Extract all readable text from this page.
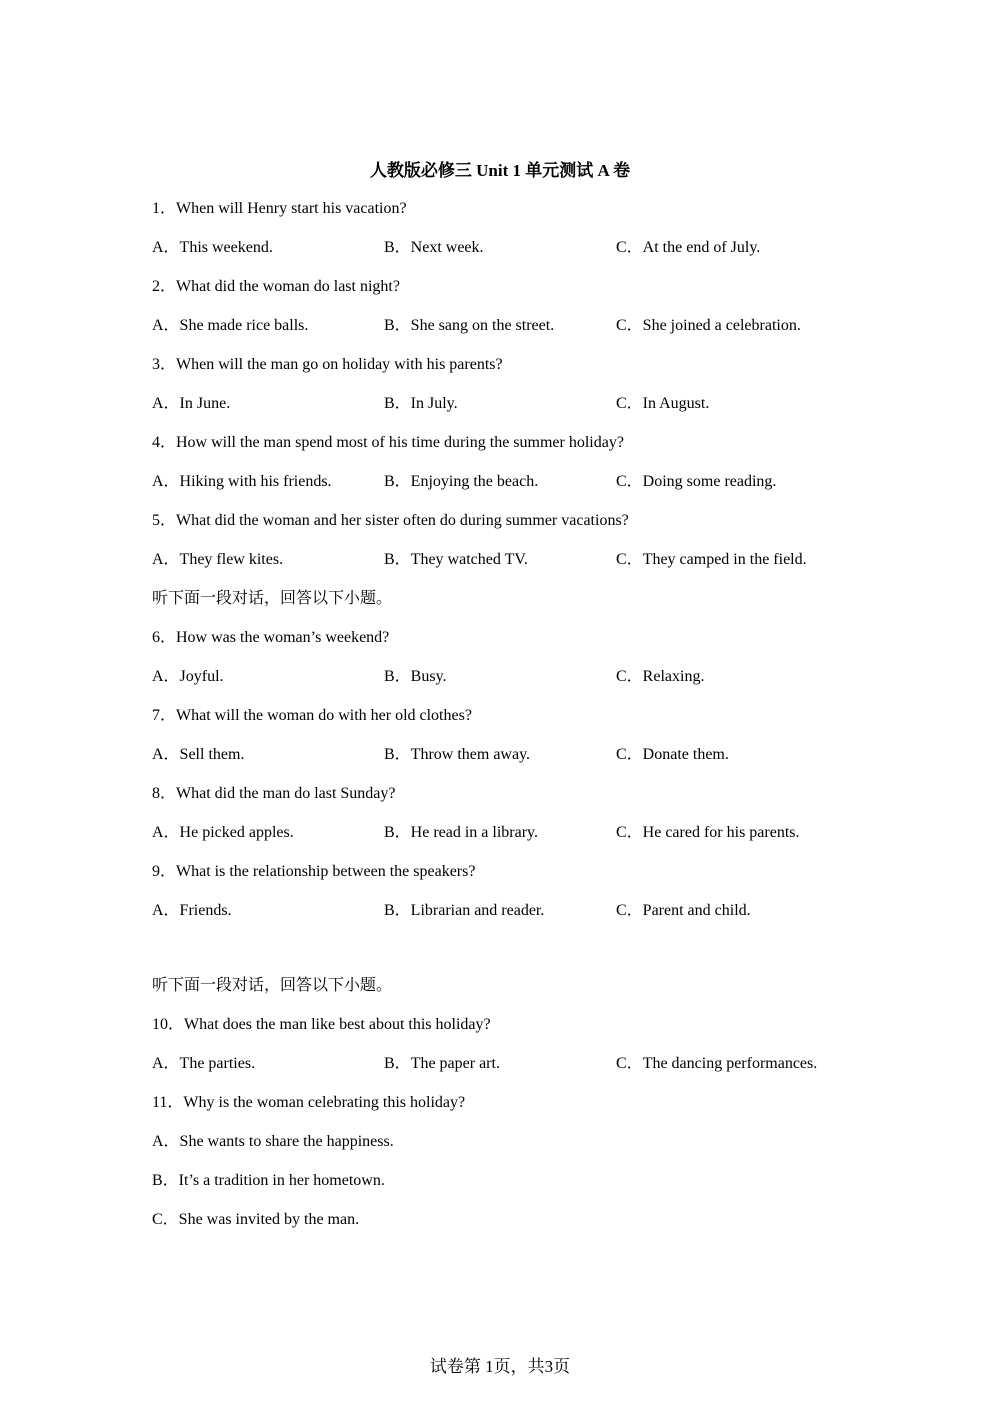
人教版必修三 Unit 1 单元测试 A 卷
1．When will Henry start his vacation?
A．This weekend.	B．Next week.	C．At the end of July.
2．What did the woman do last night?
A．She made rice balls.	B．She sang on the street.	C．She joined a celebration.
3．When will the man go on holiday with his parents?
A．In June.	B．In July.	C．In August.
4．How will the man spend most of his time during the summer holiday?
A．Hiking with his friends.	B．Enjoying the beach.	C．Doing some reading.
5．What did the woman and her sister often do during summer vacations?
A．They flew kites.	B．They watched TV.	C．They camped in the field.
听下面一段对话，回答以下小题。
6．How was the woman’s weekend?
A．Joyful.	B．Busy.	C．Relaxing.
7．What will the woman do with her old clothes?
A．Sell them.	B．Throw them away.	C．Donate them.
8．What did the man do last Sunday?
A．He picked apples.	B．He read in a library.	C．He cared for his parents.
9．What is the relationship between the speakers?
A．Friends.	B．Librarian and reader.	C．Parent and child.
听下面一段对话，回答以下小题。
10．What does the man like best about this holiday?
A．The parties.	B．The paper art.	C．The dancing performances.
11．Why is the woman celebrating this holiday?
A．She wants to share the happiness.
B．It’s a tradition in her hometown.
C．She was invited by the man.
试卷第 1页，共3页
